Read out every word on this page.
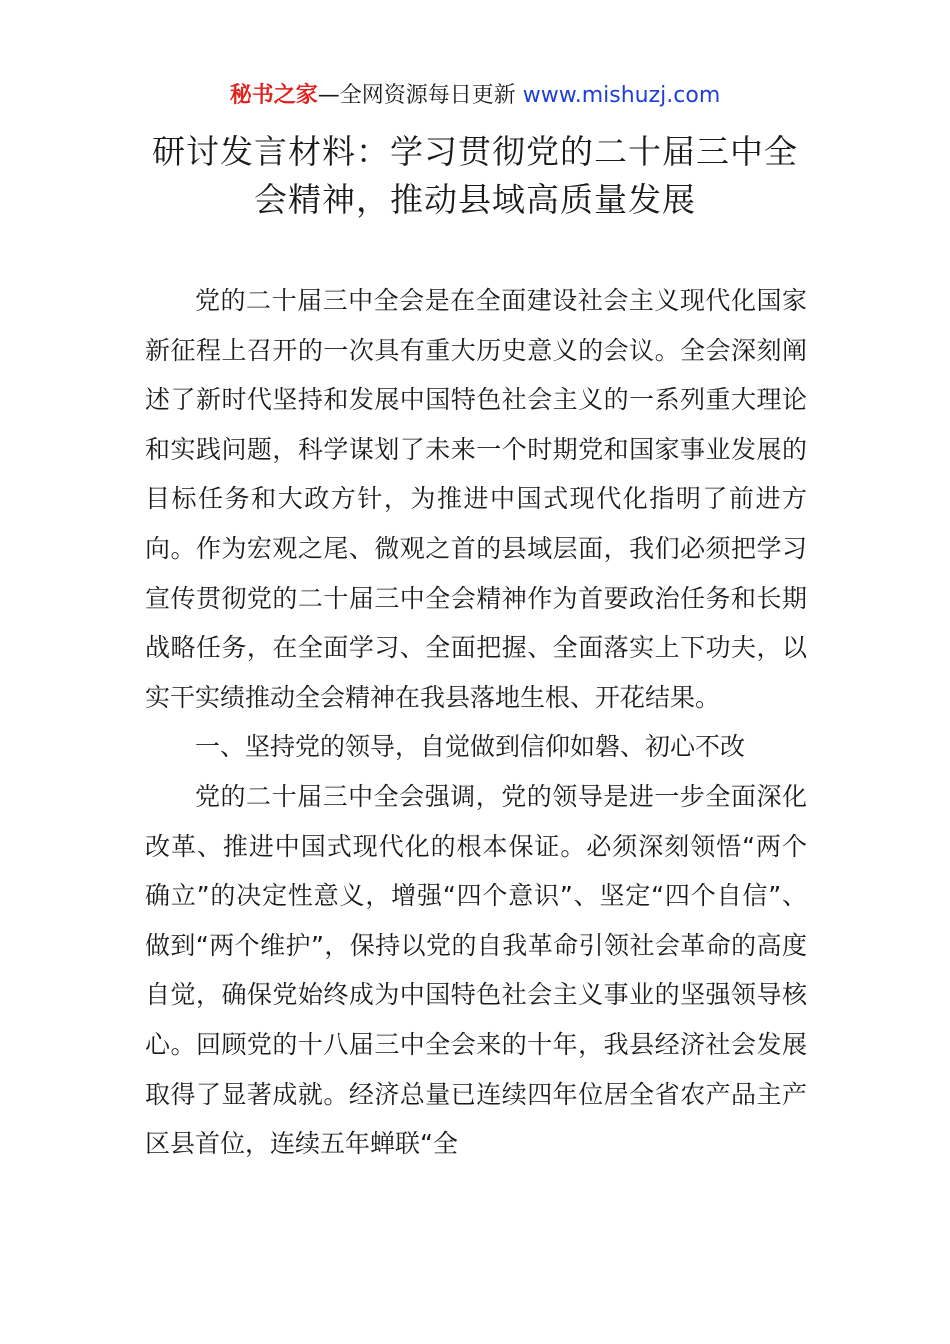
秘书之家—全网资源每日更新 www.mishuzj.com
研讨发言材料：学习贯彻党的二十届三中全会精神，推动县域高质量发展

党的二十届三中全会是在全面建设社会主义现代化国家新征程上召开的一次具有重大历史意义的会议。全会深刻阐述了新时代坚持和发展中国特色社会主义的一系列重大理论和实践问题，科学谋划了未来一个时期党和国家事业发展的目标任务和大政方针，为推进中国式现代化指明了前进方向。作为宏观之尾、微观之首的县域层面，我们必须把学习宣传贯彻党的二十届三中全会精神作为首要政治任务和长期战略任务，在全面学习、全面把握、全面落实上下功夫，以实干实绩推动全会精神在我县落地生根、开花结果。

一、坚持党的领导，自觉做到信仰如磐、初心不改

党的二十届三中全会强调，党的领导是进一步全面深化改革、推进中国式现代化的根本保证。必须深刻领悟“两个确立”的决定性意义，增强“四个意识”、坚定“四个自信”、做到“两个维护”，保持以党的自我革命引领社会革命的高度自觉，确保党始终成为中国特色社会主义事业的坚强领导核心。回顾党的十八届三中全会来的十年，我县经济社会发展取得了显著成就。经济总量已连续四年位居全省农产品主产区县首位，连续五年蝉联“全
